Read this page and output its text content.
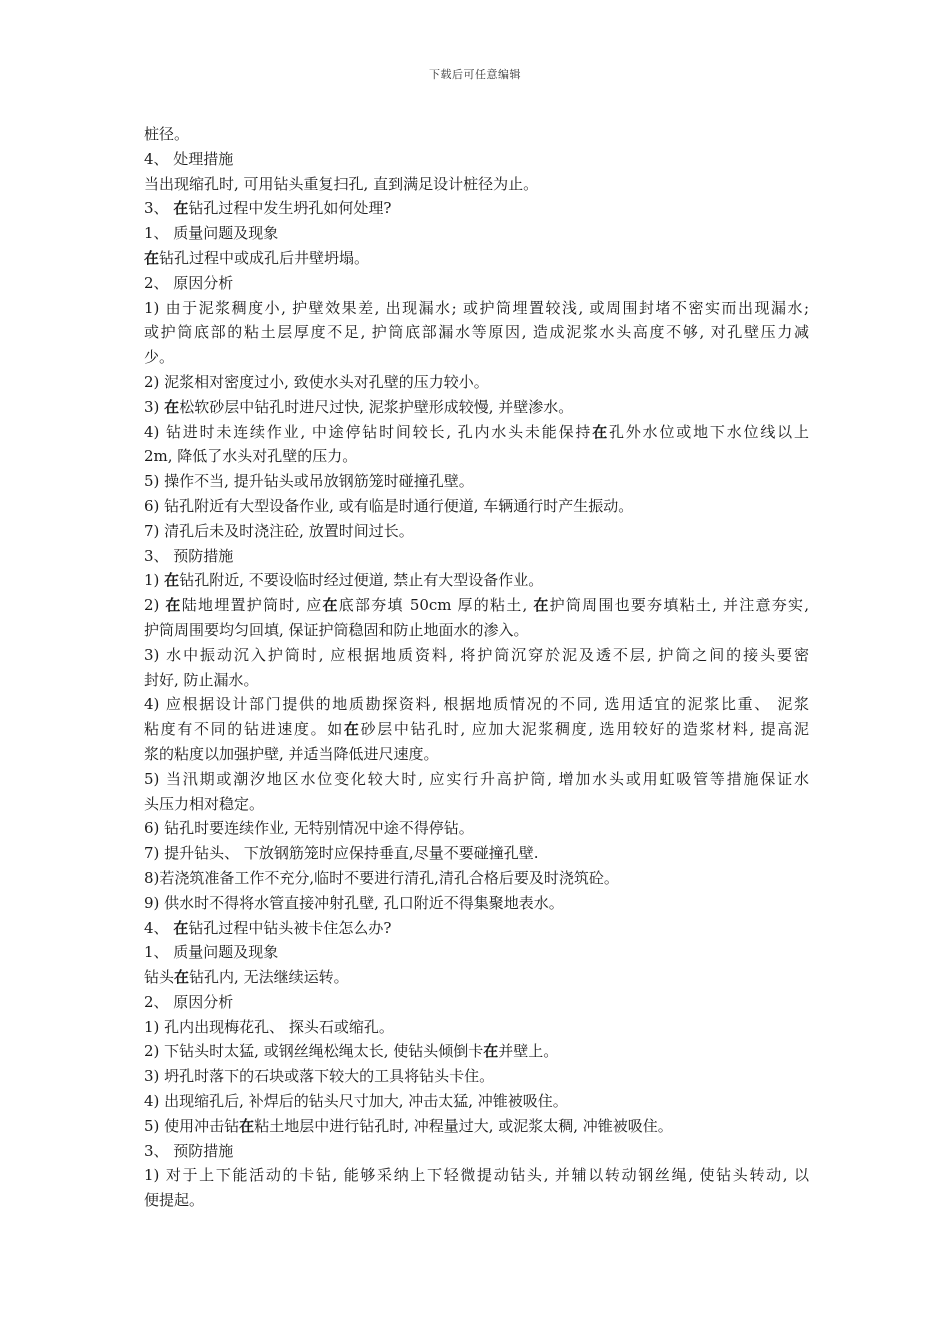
下载后可任意编辑
桩径。
4、 处理措施
当出现缩孔时, 可用钻头重复扫孔, 直到满足设计桩径为止。
3、 在钻孔过程中发生坍孔如何处理?
1、 质量问题及现象
在钻孔过程中或成孔后井壁坍塌。
2、 原因分析
1) 由于泥浆稠度小, 护壁效果差, 出现漏水; 或护筒埋置较浅, 或周围封堵不密实而出现漏水;
或护筒底部的粘土层厚度不足, 护筒底部漏水等原因, 造成泥浆水头高度不够, 对孔壁压力减
少。
2) 泥浆相对密度过小, 致使水头对孔壁的压力较小。
3) 在松软砂层中钻孔时进尺过快, 泥浆护壁形成较慢, 并壁渗水。
4) 钻进时未连续作业, 中途停钻时间较长, 孔内水头未能保持在孔外水位或地下水位线以上
2m, 降低了水头对孔壁的压力。
5) 操作不当, 提升钻头或吊放钢筋笼时碰撞孔壁。
6) 钻孔附近有大型设备作业, 或有临是时通行便道, 车辆通行时产生振动。
7) 清孔后未及时浇注砼, 放置时间过长。
3、 预防措施
1) 在钻孔附近, 不要设临时经过便道, 禁止有大型设备作业。
2) 在陆地埋置护筒时, 应在底部夯填 50cm 厚的粘土, 在护筒周围也要夯填粘土, 并注意夯实,
护筒周围要均匀回填, 保证护筒稳固和防止地面水的渗入。
3) 水中振动沉入护筒时, 应根据地质资料, 将护筒沉穿於泥及透不层, 护筒之间的接头要密
封好, 防止漏水。
4) 应根据设计部门提供的地质勘探资料, 根据地质情况的不同, 选用适宜的泥浆比重、 泥浆
粘度有不同的钻进速度。如在砂层中钻孔时, 应加大泥浆稠度, 选用较好的造浆材料, 提高泥
浆的粘度以加强护壁, 并适当降低进尺速度。
5) 当汛期或潮汐地区水位变化较大时, 应实行升高护筒, 增加水头或用虹吸管等措施保证水
头压力相对稳定。
6) 钻孔时要连续作业, 无特别情况中途不得停钻。
7) 提升钻头、 下放钢筋笼时应保持垂直,尽量不要碰撞孔壁.
8)若浇筑准备工作不充分,临时不要进行清孔,清孔合格后要及时浇筑砼。
9) 供水时不得将水管直接冲射孔壁, 孔口附近不得集聚地表水。
4、 在钻孔过程中钻头被卡住怎么办?
1、 质量问题及现象
钻头在钻孔内, 无法继续运转。
2、 原因分析
1) 孔内出现梅花孔、 探头石或缩孔。
2) 下钻头时太猛, 或钢丝绳松绳太长, 使钻头倾倒卡在并壁上。
3) 坍孔时落下的石块或落下较大的工具将钻头卡住。
4) 出现缩孔后, 补焊后的钻头尺寸加大, 冲击太猛, 冲锥被吸住。
5) 使用冲击钻在粘土地层中进行钻孔时, 冲程量过大, 或泥浆太稠, 冲锥被吸住。
3、 预防措施
1) 对于上下能活动的卡钻, 能够采纳上下轻微提动钻头, 并辅以转动钢丝绳, 使钻头转动, 以
便提起。
